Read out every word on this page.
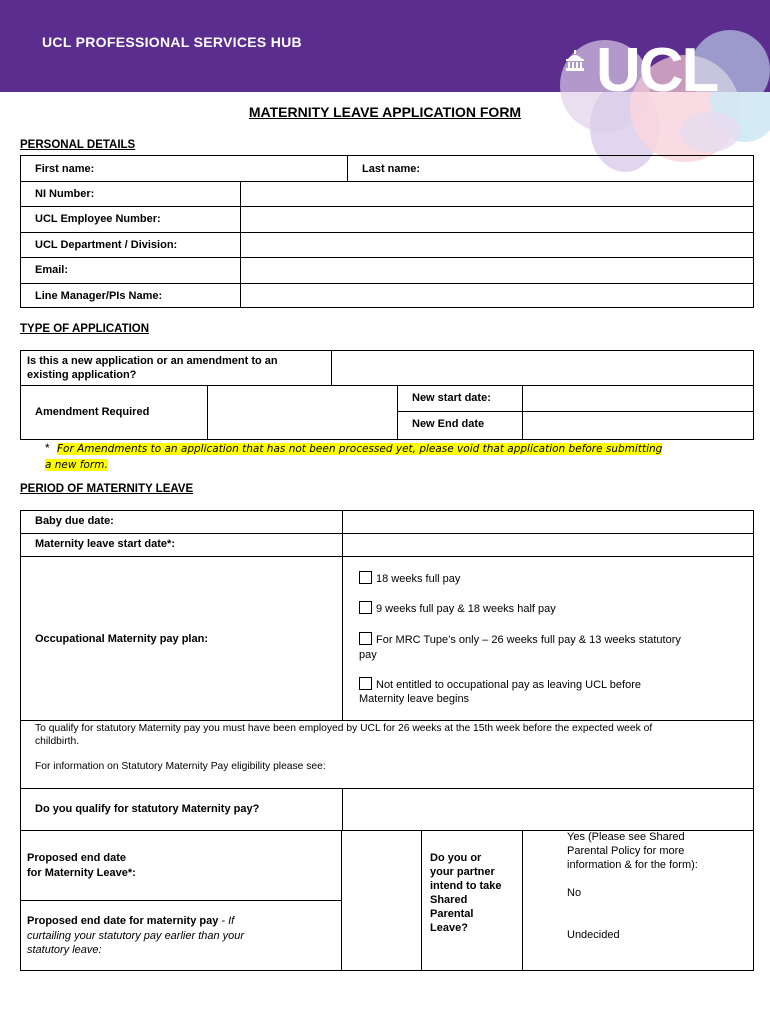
UCL PROFESSIONAL SERVICES HUB	UCL
MATERNITY LEAVE APPLICATION FORM
PERSONAL DETAILS
First name:	Last name:
NI Number:
UCL Employee Number:
UCL Department / Division:
Email:
Line Manager/PIs Name:
TYPE OF APPLICATION
Is this a new application or an amendment to an
existing application?
Amendment Required
New start date:
New End date
* For Amendments to an application that has not been processed yet, please void that application before submitting
a new form.
PERIOD OF MATERNITY LEAVE
Baby due date:
Maternity leave start date*:
Occupational Maternity pay plan:
18 weeks full pay
9 weeks full pay & 18 weeks half pay
For MRC Tupe’s only – 26 weeks full pay & 13 weeks statutory
pay
Not entitled to occupational pay as leaving UCL before
Maternity leave begins
To qualify for statutory Maternity pay you must have been employed by UCL for 26 weeks at the 15th week before the expected week of
childbirth.
For information on Statutory Maternity Pay eligibility please see:
Do you qualify for statutory Maternity pay?
Proposed end date
for Maternity Leave*:
Proposed end date for maternity pay - If
curtailing your statutory pay earlier than your
statutory leave:
Do you or
your partner
intend to take
Shared
Parental
Leave?
Yes (Please see Shared
Parental Policy for more
information & for the form):
No
Undecided
